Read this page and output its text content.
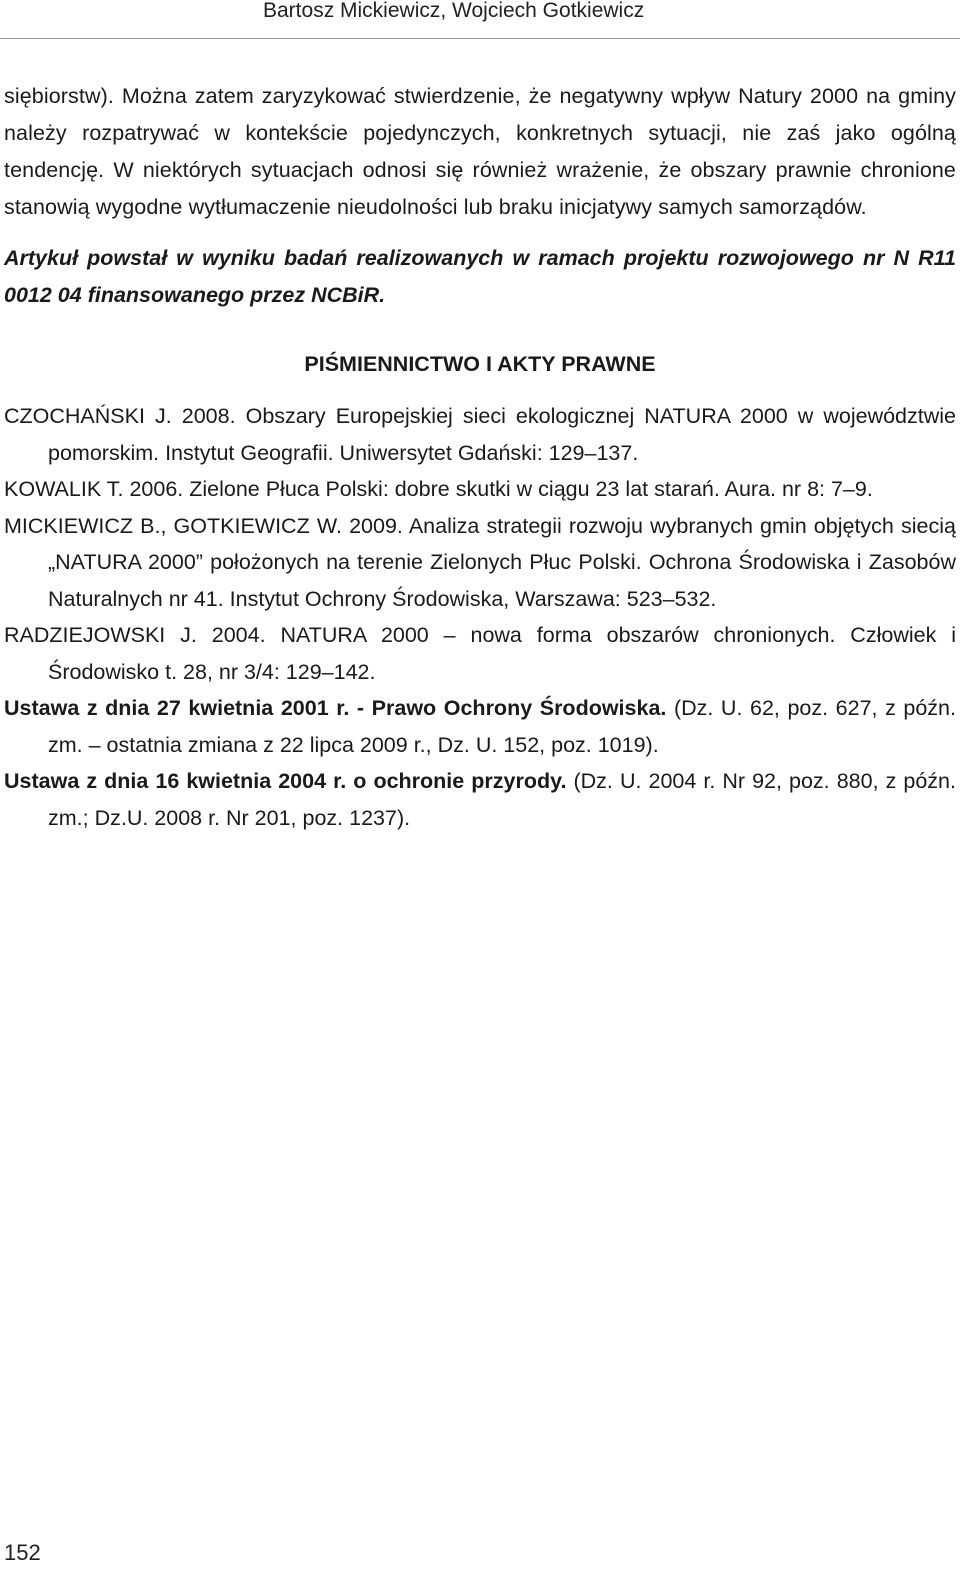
Bartosz Mickiewicz, Wojciech Gotkiewicz

siębiorstw). Można zatem zaryzykować stwierdzenie, że negatywny wpływ Natury 2000 na gminy należy rozpatrywać w kontekście pojedynczych, konkretnych sytuacji, nie zaś jako ogólną tendencję. W niektórych sytuacjach odnosi się również wrażenie, że obszary prawnie chronione stanowią wygodne wytłumaczenie nieudolności lub braku inicjatywy samych samorządów.

Artykuł powstał w wyniku badań realizowanych w ramach projektu rozwojowego nr N R11 0012 04 finansowanego przez NCBiR.

PIŚMIENNICTWO I AKTY PRAWNE
CZOCHAŃSKI J. 2008. Obszary Europejskiej sieci ekologicznej NATURA 2000 w województwie pomorskim. Instytut Geografii. Uniwersytet Gdański: 129–137.
KOWALIK T. 2006. Zielone Płuca Polski: dobre skutki w ciągu 23 lat starań. Aura. nr 8: 7–9.
MICKIEWICZ B., GOTKIEWICZ W. 2009. Analiza strategii rozwoju wybranych gmin objętych siecią „NATURA 2000” położonych na terenie Zielonych Płuc Polski. Ochrona Środowiska i Zasobów Naturalnych nr 41. Instytut Ochrony Środowiska, Warszawa: 523–532.
RADZIEJOWSKI J. 2004. NATURA 2000 – nowa forma obszarów chronionych. Człowiek i Środowisko t. 28, nr 3/4: 129–142.
Ustawa z dnia 27 kwietnia 2001 r. - Prawo Ochrony Środowiska. (Dz. U. 62, poz. 627, z późn. zm. – ostatnia zmiana z 22 lipca 2009 r., Dz. U. 152, poz. 1019).
Ustawa z dnia 16 kwietnia 2004 r. o ochronie przyrody. (Dz. U. 2004 r. Nr 92, poz. 880, z późn. zm.; Dz.U. 2008 r. Nr 201, poz. 1237).
152
